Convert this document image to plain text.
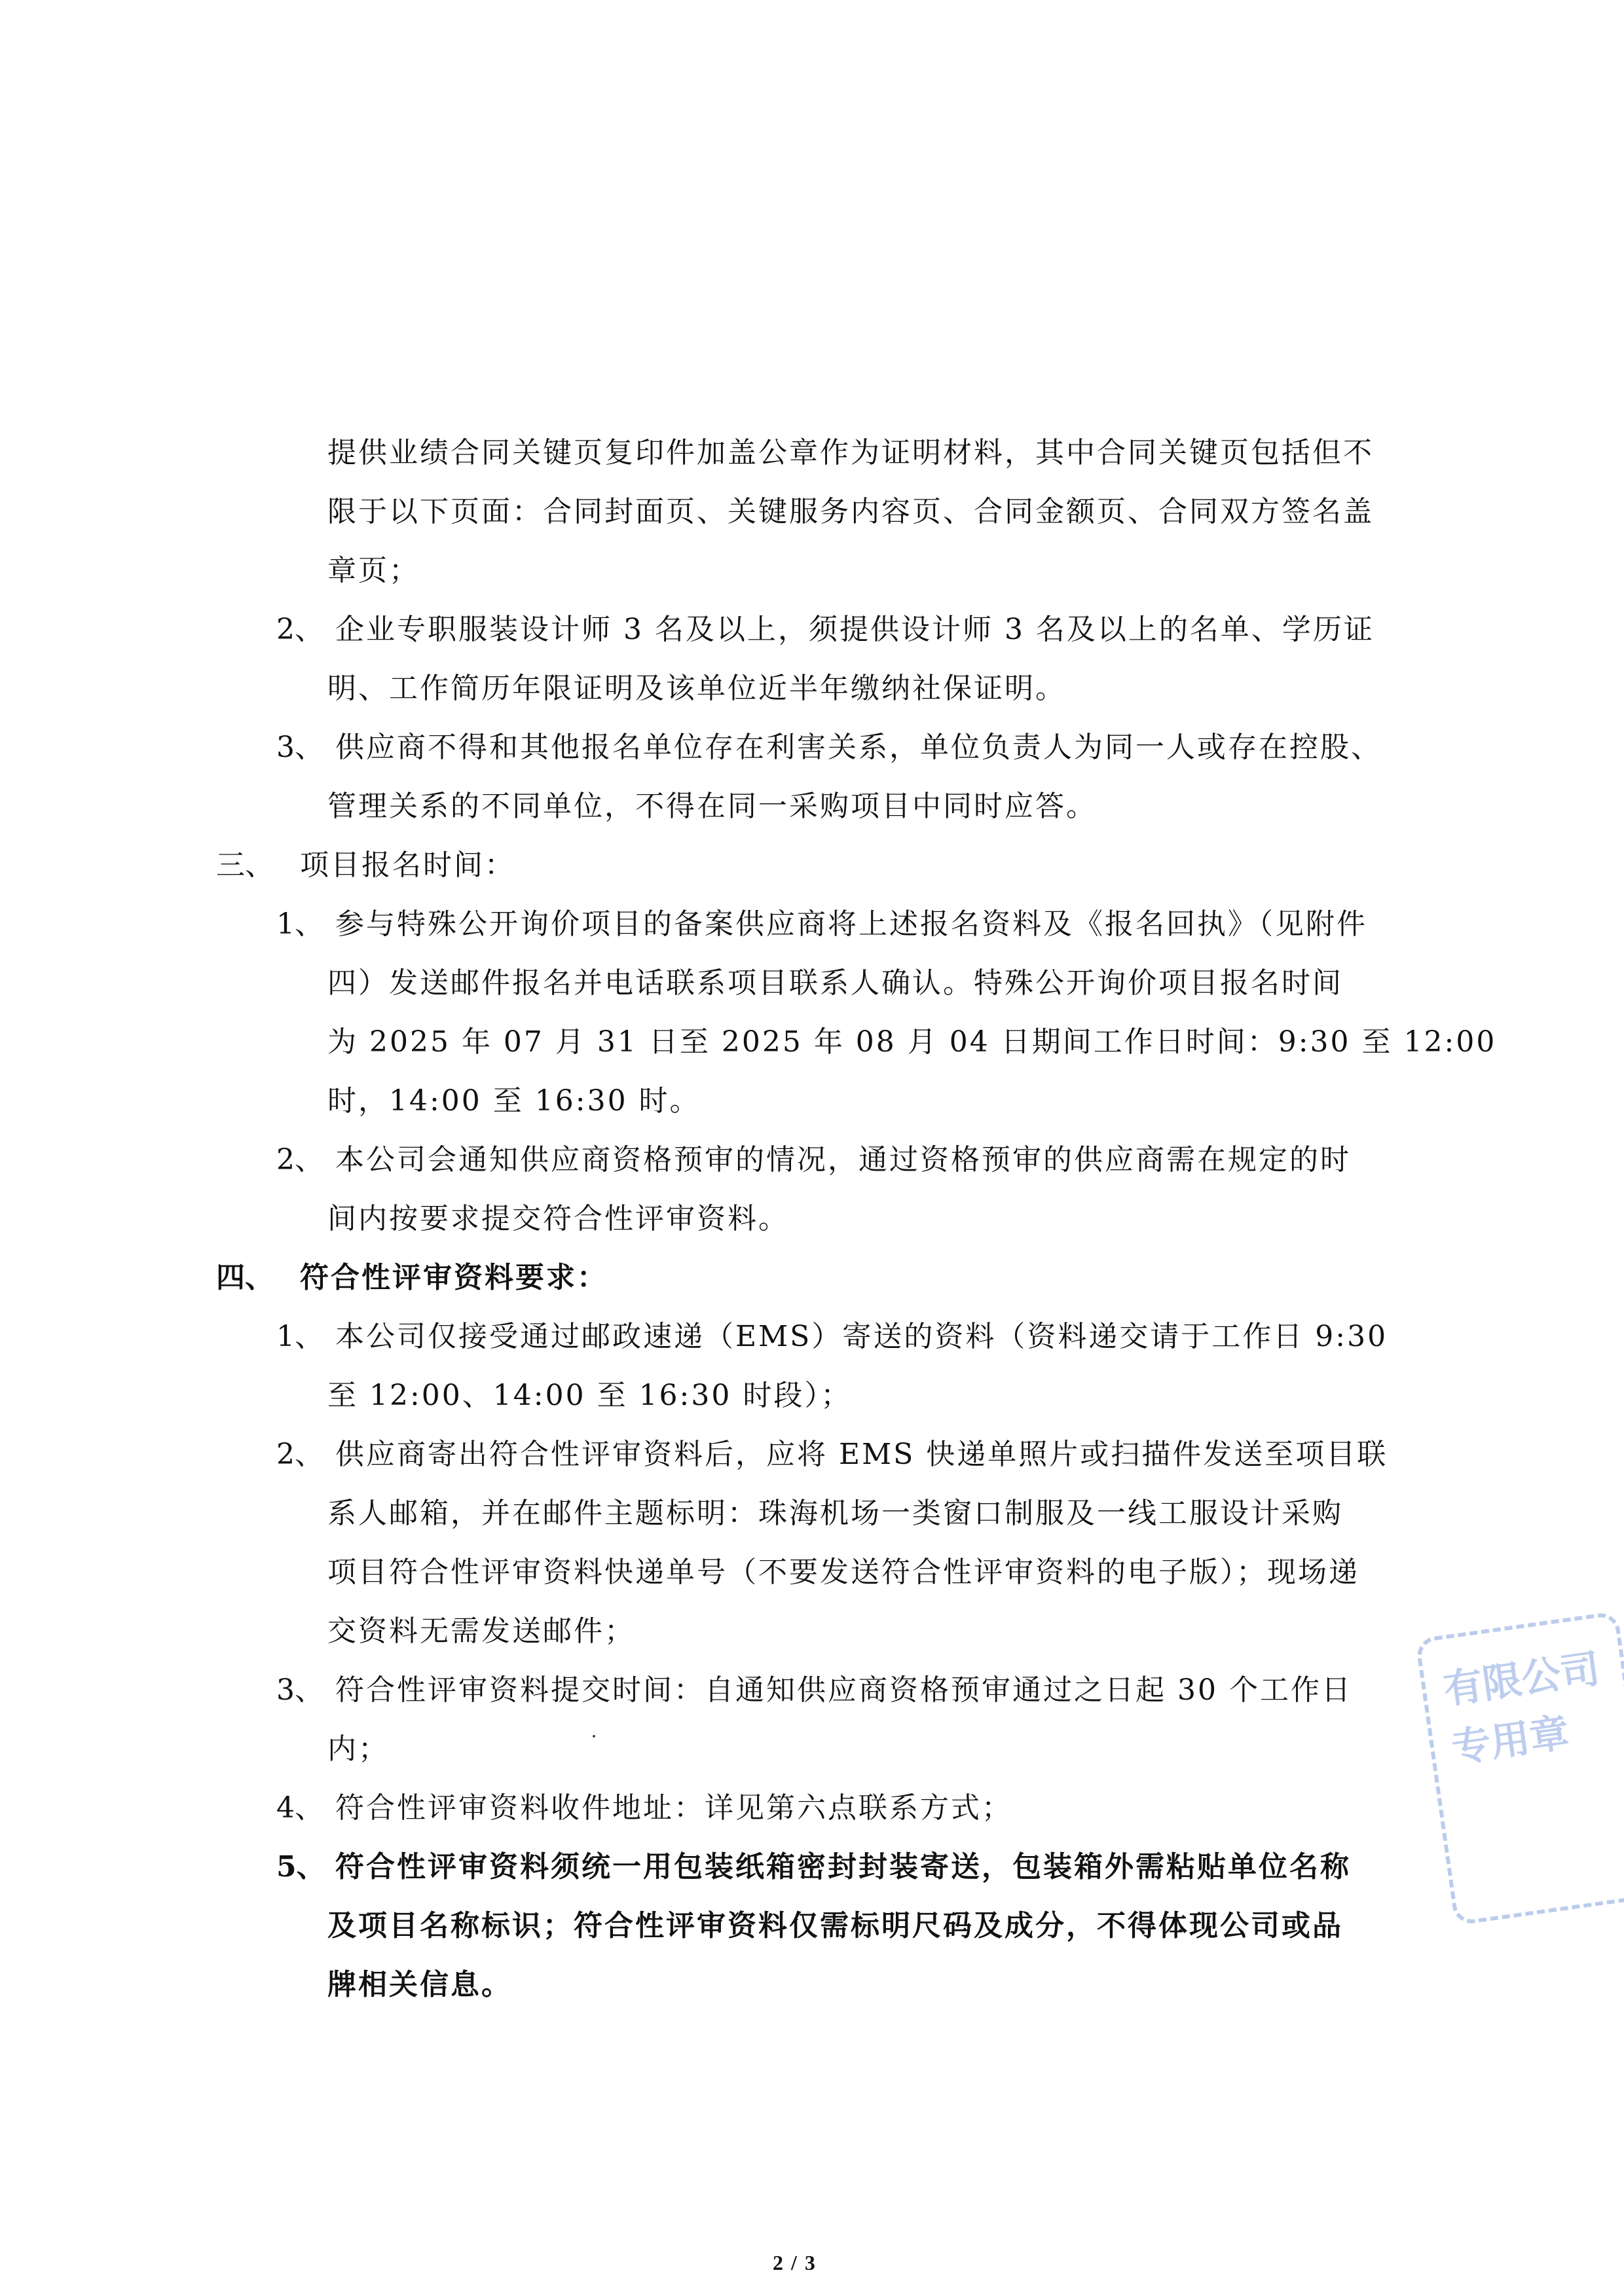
提供业绩合同关键页复印件加盖公章作为证明材料，其中合同关键页包括但不
限于以下页面：合同封面页、关键服务内容页、合同金额页、合同双方签名盖
章页；
2、 企业专职服装设计师 3 名及以上，须提供设计师 3 名及以上的名单、学历证
明、工作简历年限证明及该单位近半年缴纳社保证明。
3、 供应商不得和其他报名单位存在利害关系，单位负责人为同一人或存在控股、
管理关系的不同单位，不得在同一采购项目中同时应答。
三、 项目报名时间：
1、 参与特殊公开询价项目的备案供应商将上述报名资料及《报名回执》（见附件
四）发送邮件报名并电话联系项目联系人确认。特殊公开询价项目报名时间
为 2025 年 07 月 31 日至 2025 年 08 月 04 日期间工作日时间：9:30 至 12:00
时，14:00 至 16:30 时。
2、 本公司会通知供应商资格预审的情况，通过资格预审的供应商需在规定的时
间内按要求提交符合性评审资料。
四、 符合性评审资料要求：
1、 本公司仅接受通过邮政速递（EMS）寄送的资料（资料递交请于工作日 9:30
至 12:00、14:00 至 16:30 时段）；
2、 供应商寄出符合性评审资料后，应将 EMS 快递单照片或扫描件发送至项目联
系人邮箱，并在邮件主题标明：珠海机场一类窗口制服及一线工服设计采购
项目符合性评审资料快递单号（不要发送符合性评审资料的电子版）；现场递
交资料无需发送邮件；
3、 符合性评审资料提交时间：自通知供应商资格预审通过之日起 30 个工作日
内；
4、 符合性评审资料收件地址：详见第六点联系方式；
5、 符合性评审资料须统一用包装纸箱密封封装寄送，包装箱外需粘贴单位名称
及项目名称标识；符合性评审资料仅需标明尺码及成分，不得体现公司或品
牌相关信息。
有限公司专用章
2 / 3
